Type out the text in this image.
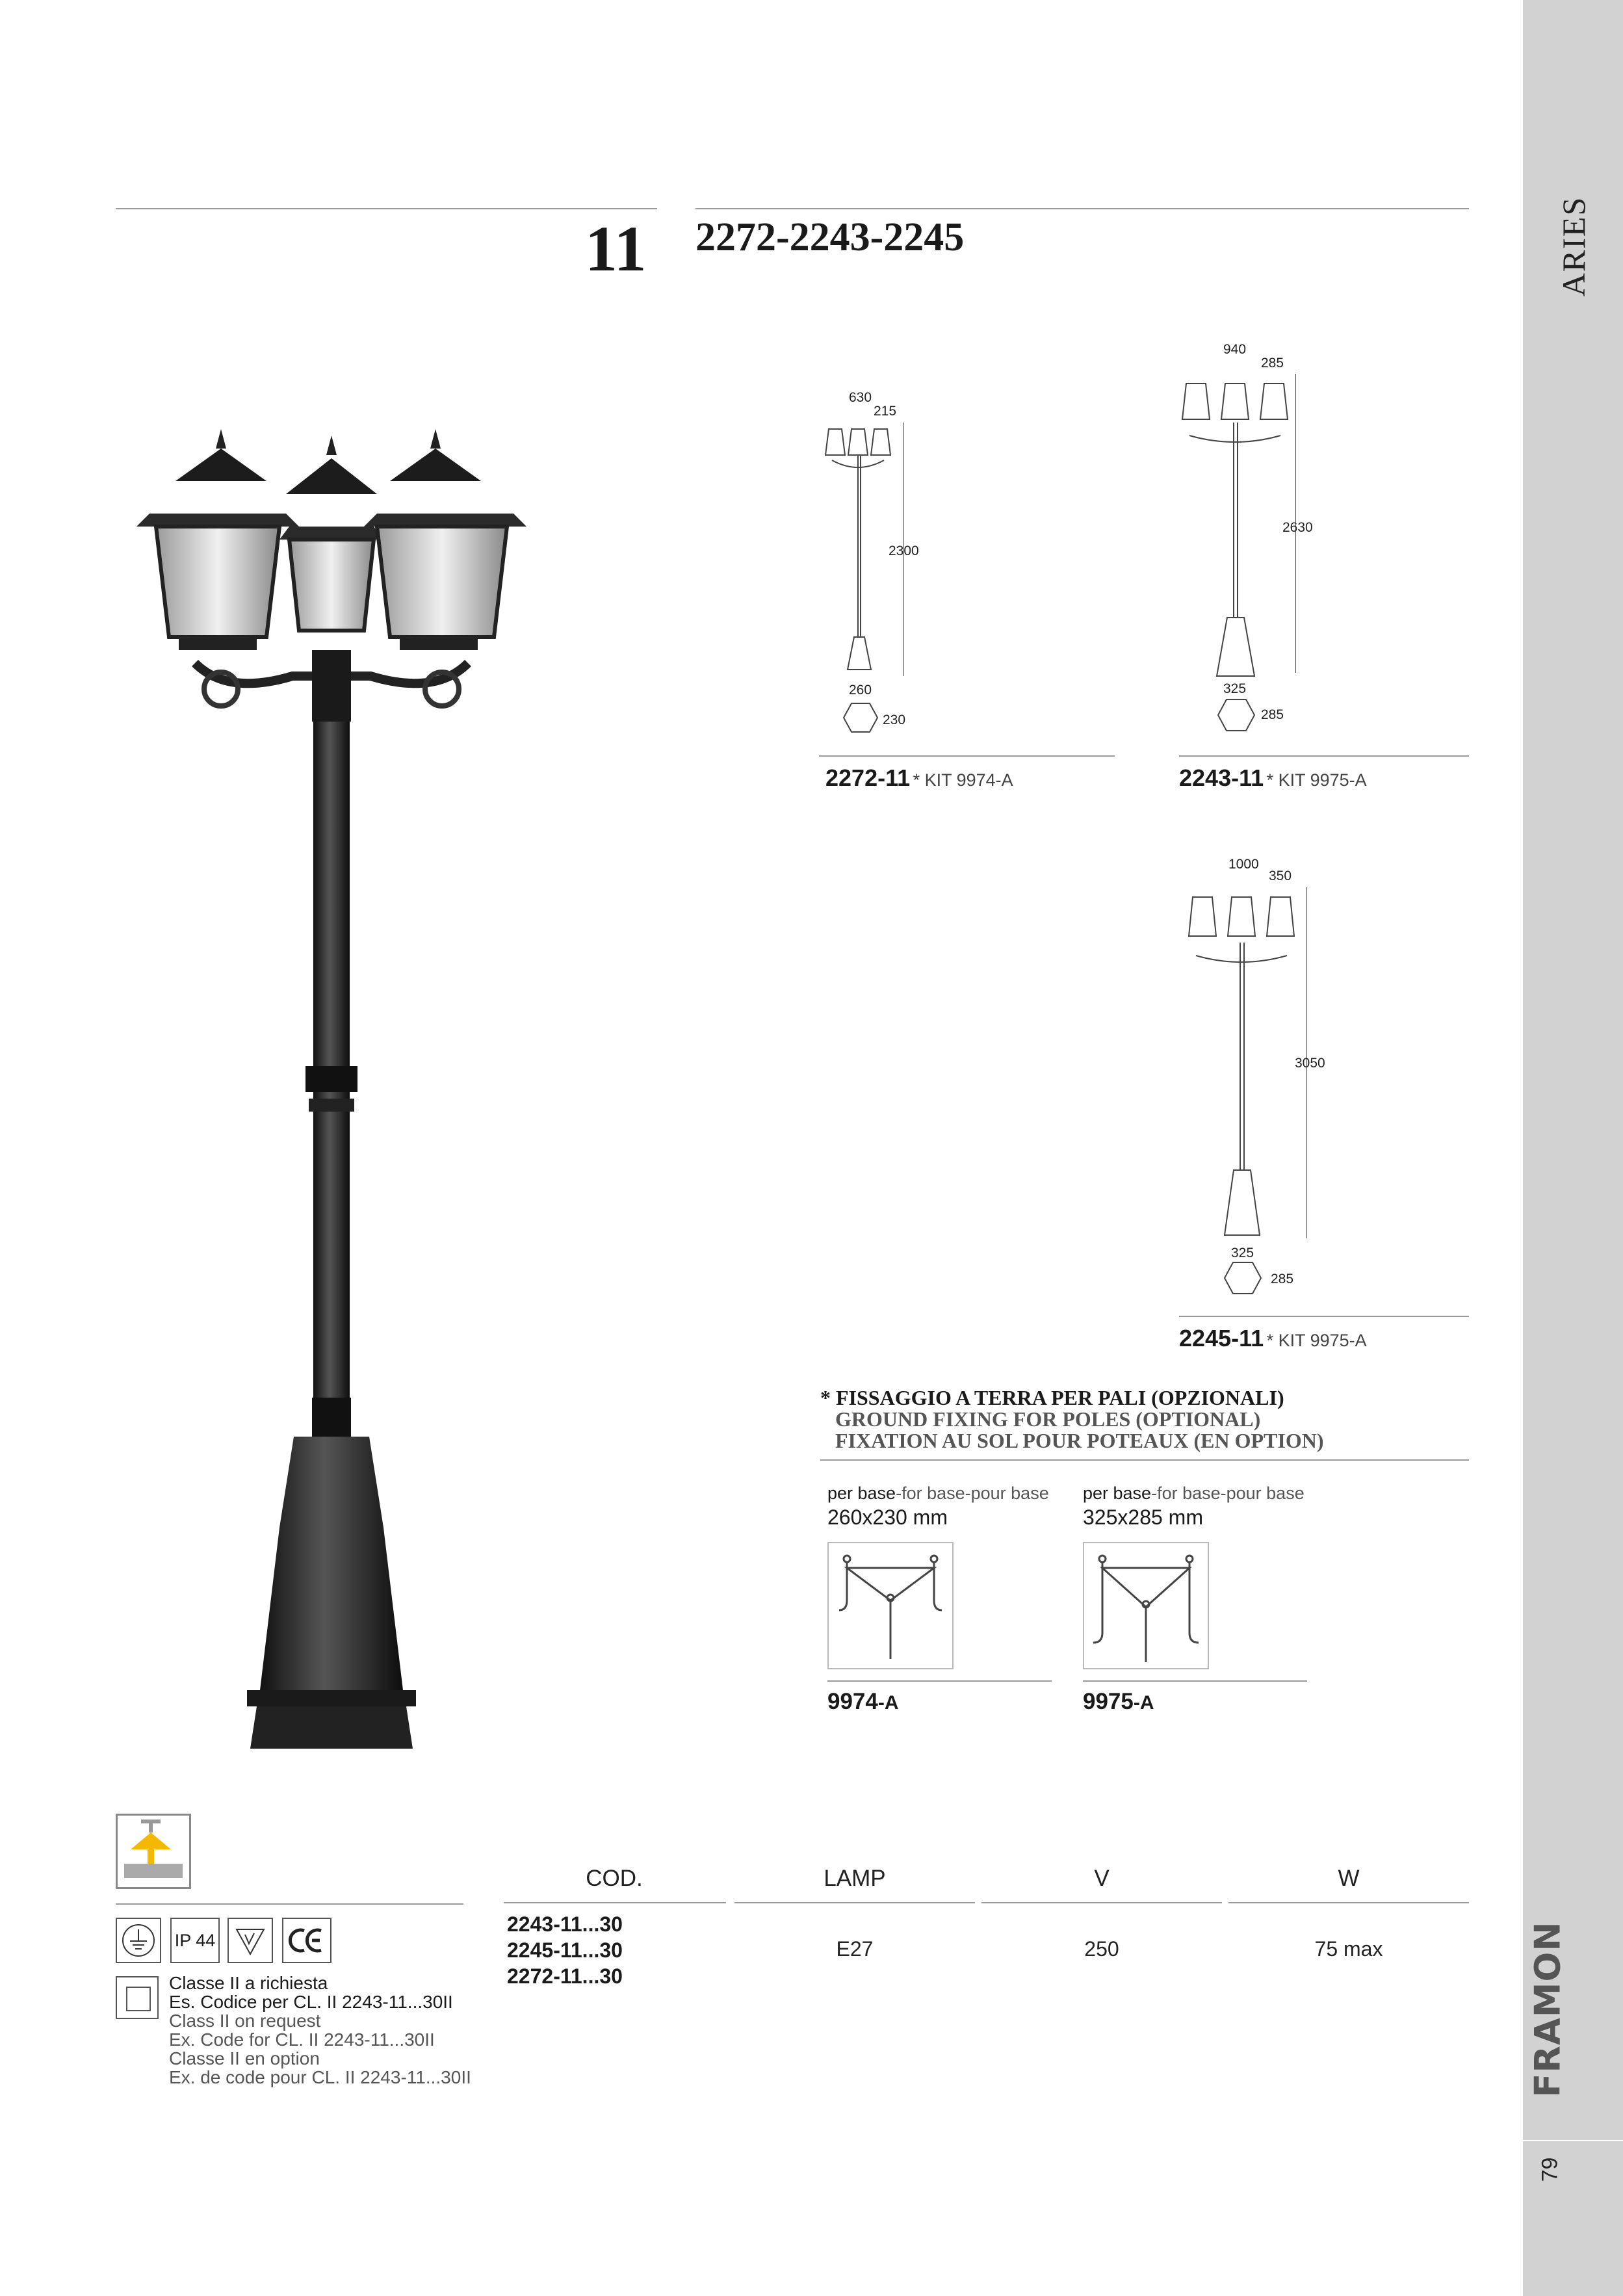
ARIES
79
11 2272-2243-2245
630
215
2300
260
230
2272-11 * KIT 9974-A
940
285
2630
325
285
2243-11 * KIT 9975-A
1000
350
3050
325
285
2245-11 * KIT 9975-A
* FISSAGGIO A TERRA PER PALI (OPZIONALI)
GROUND FIXING FOR POLES (OPTIONAL)
FIXATION AU SOL POUR POTEAUX (EN OPTION)
per base-for base-pour base
260x230 mm
9974-A
per base-for base-pour base
325x285 mm
9975-A
IP 44
Classe II a richiesta
Es. Codice per CL. II 2243-11...30II
Class II on request
Ex. Code for CL. II 2243-11...30II
Classe II en option
Ex. de code pour CL. II 2243-11...30II
COD.	LAMP	V	W
2243-11...30
2245-11...30
2272-11...30
E27	250	75 max
